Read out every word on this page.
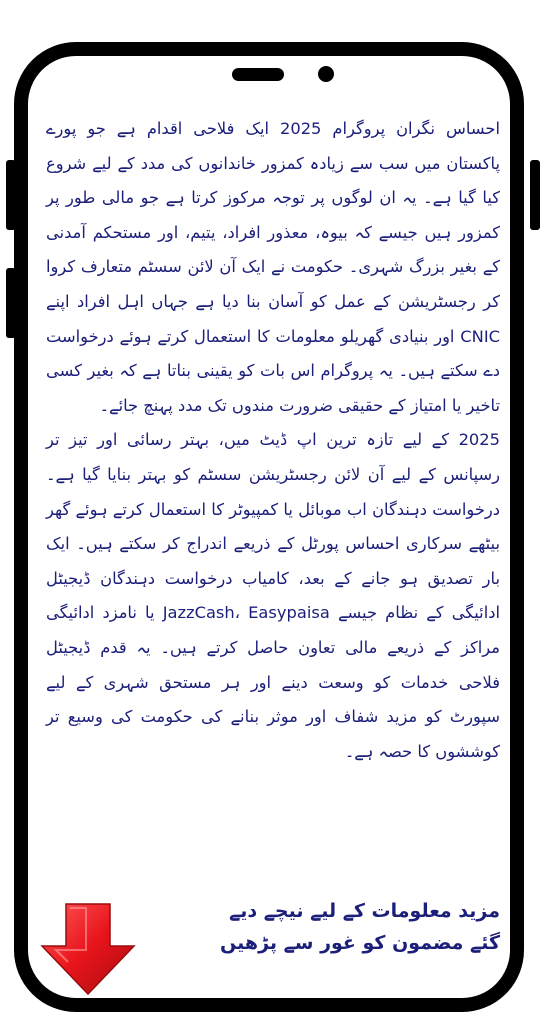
احساس نگران پروگرام 2025 ایک فلاحی اقدام ہے جو پورے پاکستان میں سب سے زیادہ کمزور خاندانوں کی مدد کے لیے شروع کیا گیا ہے۔ یہ ان لوگوں پر توجہ مرکوز کرتا ہے جو مالی طور پر کمزور ہیں جیسے کہ بیوہ، معذور افراد، یتیم، اور مستحکم آمدنی کے بغیر بزرگ شہری۔ حکومت نے ایک آن لائن سسٹم متعارف کروا کر رجسٹریشن کے عمل کو آسان بنا دیا ہے جہاں اہل افراد اپنے CNIC اور بنیادی گھریلو معلومات کا استعمال کرتے ہوئے درخواست دے سکتے ہیں۔ یہ پروگرام اس بات کو یقینی بناتا ہے کہ بغیر کسی تاخیر یا امتیاز کے حقیقی ضرورت مندوں تک مدد پہنچ جائے۔

2025 کے لیے تازہ ترین اپ ڈیٹ میں، بہتر رسائی اور تیز تر رسپانس کے لیے آن لائن رجسٹریشن سسٹم کو بہتر بنایا گیا ہے۔ درخواست دہندگان اب موبائل یا کمپیوٹر کا استعمال کرتے ہوئے گھر بیٹھے سرکاری احساس پورٹل کے ذریعے اندراج کر سکتے ہیں۔ ایک بار تصدیق ہو جانے کے بعد، کامیاب درخواست دہندگان ڈیجیٹل ادائیگی کے نظام جیسے JazzCash، Easypaisa یا نامزد ادائیگی مراکز کے ذریعے مالی تعاون حاصل کرتے ہیں۔ یہ قدم ڈیجیٹل فلاحی خدمات کو وسعت دینے اور ہر مستحق شہری کے لیے سپورٹ کو مزید شفاف اور موثر بنانے کی حکومت کی وسیع تر کوششوں کا حصہ ہے۔

مزید معلومات کے لیے نیچے دیے
گئے مضمون کو غور سے پڑھیں
